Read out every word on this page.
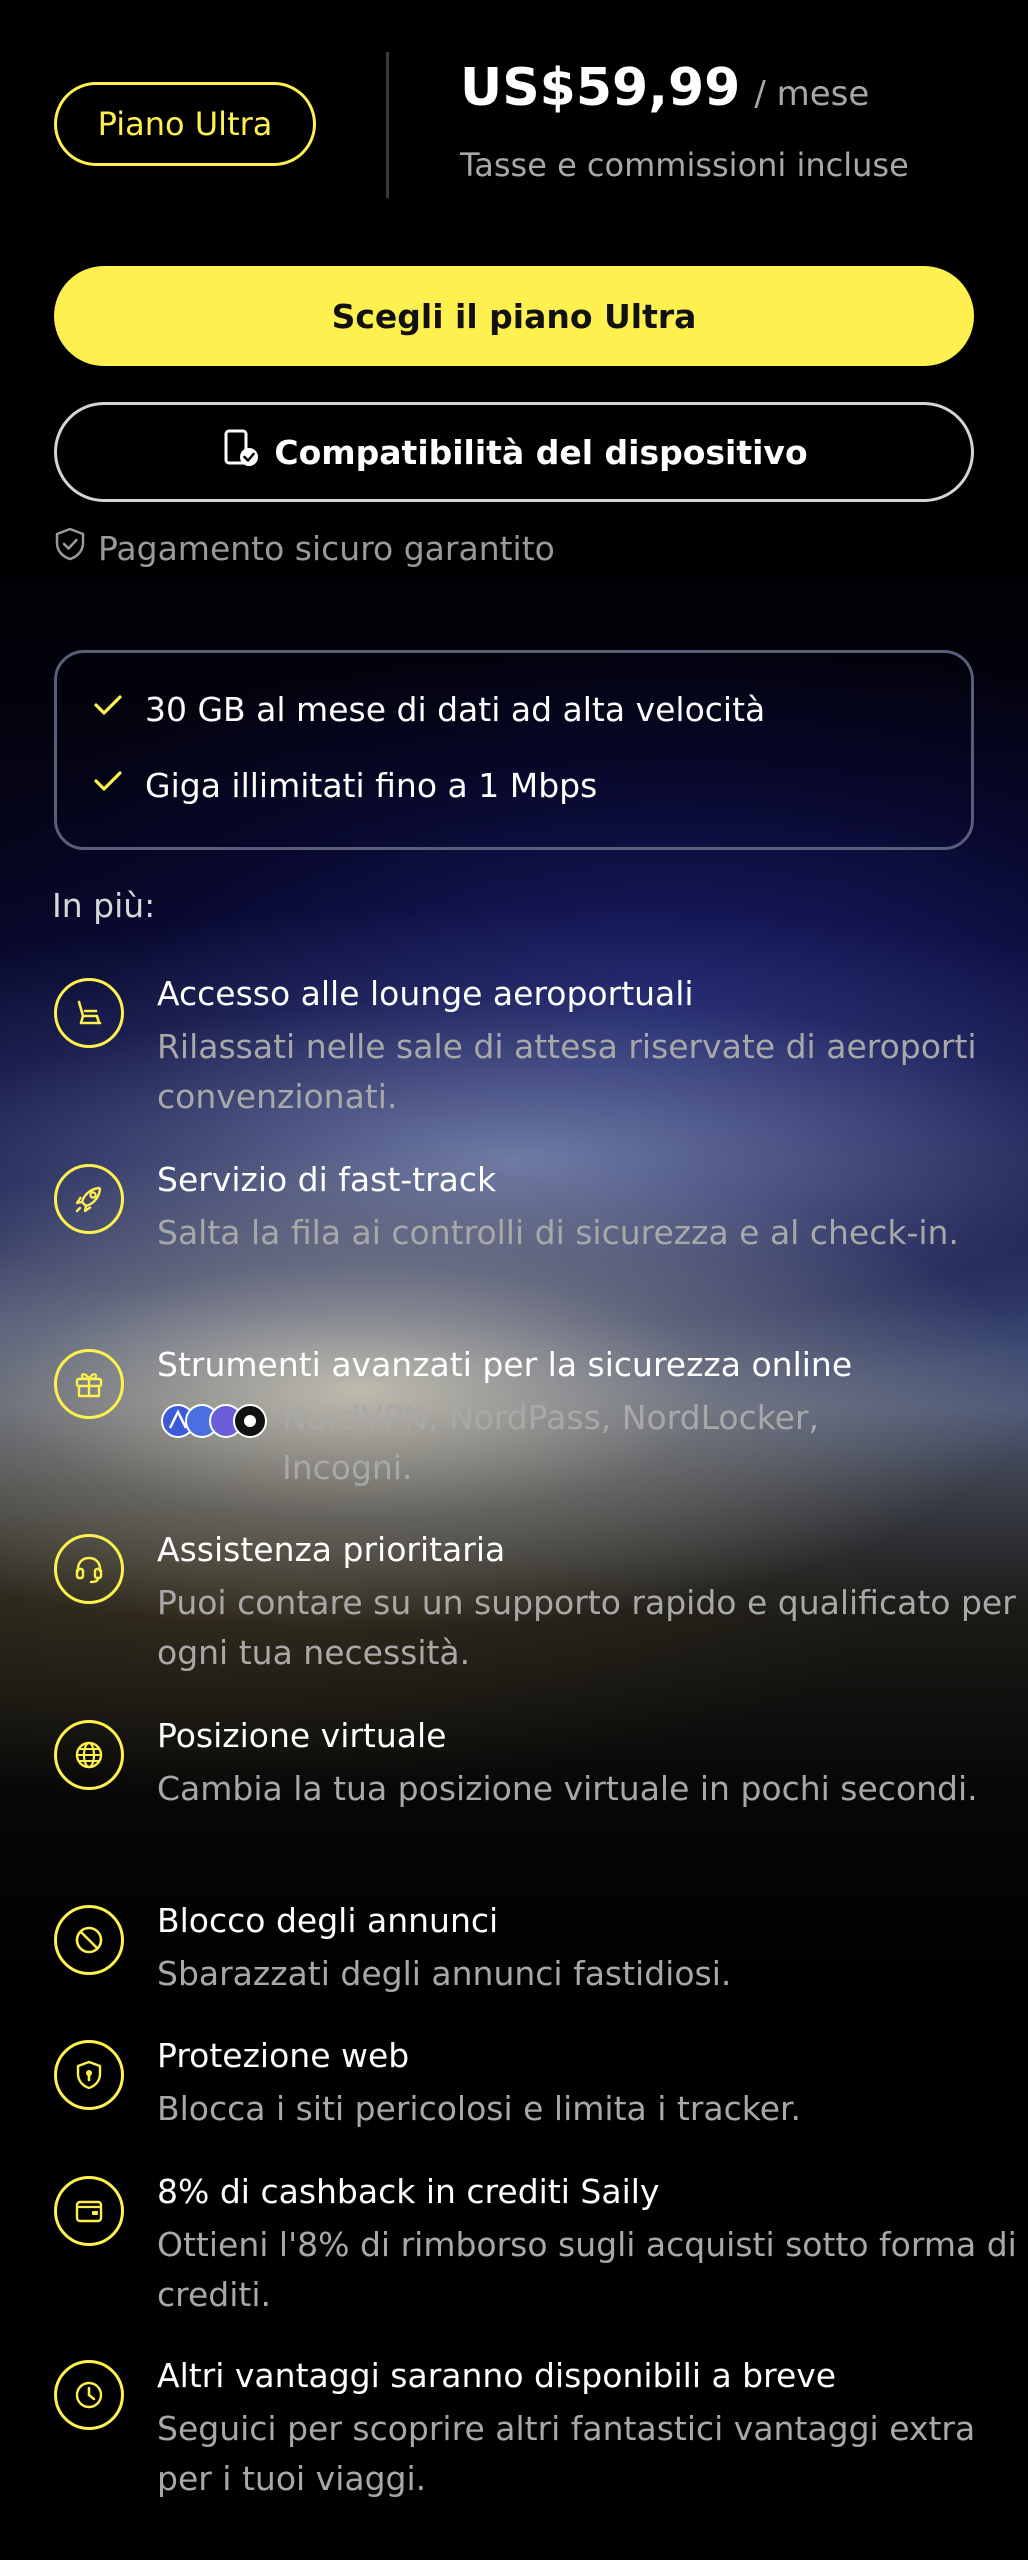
Piano Ultra
US$59,99 / mese
Tasse e commissioni incluse
Scegli il piano Ultra
Compatibilità del dispositivo
Pagamento sicuro garantito
30 GB al mese di dati ad alta velocità
Giga illimitati fino a 1 Mbps
In più:
Accesso alle lounge aeroportuali
Rilassati nelle sale di attesa riservate di aeroporti convenzionati.
Servizio di fast-track
Salta la fila ai controlli di sicurezza e al check-in.
Strumenti avanzati per la sicurezza online
NordVPN, NordPass, NordLocker, Incogni.
Assistenza prioritaria
Puoi contare su un supporto rapido e qualificato per ogni tua necessità.
Posizione virtuale
Cambia la tua posizione virtuale in pochi secondi.
Blocco degli annunci
Sbarazzati degli annunci fastidiosi.
Protezione web
Blocca i siti pericolosi e limita i tracker.
8% di cashback in crediti Saily
Ottieni l'8% di rimborso sugli acquisti sotto forma di crediti.
Altri vantaggi saranno disponibili a breve
Seguici per scoprire altri fantastici vantaggi extra per i tuoi viaggi.
